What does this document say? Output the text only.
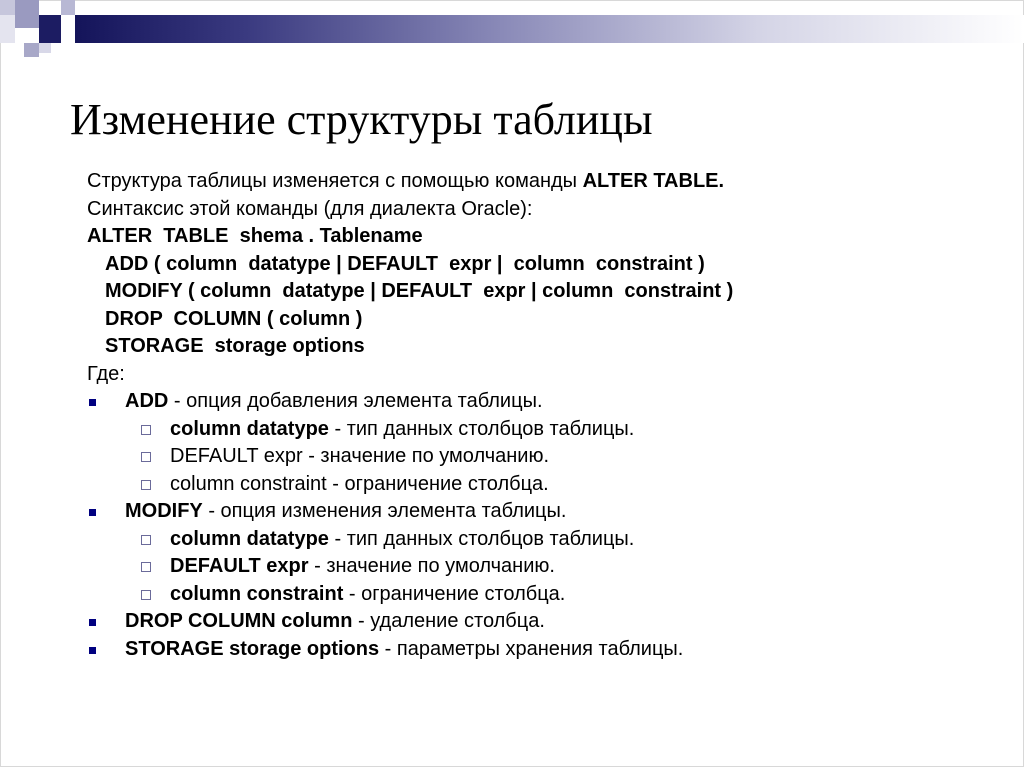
Изменение структуры таблицы
Структура таблицы изменяется с помощью команды ALTER TABLE.
Синтаксис этой команды (для диалекта Oracle):
ALTER  TABLE  shema . Tablename
ADD ( column  datatype | DEFAULT  expr |  column  constraint )
MODIFY ( column  datatype | DEFAULT  expr | column  constraint )
DROP  COLUMN ( column )
STORAGE  storage options
Где:
ADD - опция добавления элемента таблицы.
column datatype - тип данных столбцов таблицы.
DEFAULT expr - значение по умолчанию.
column constraint - ограничение столбца.
MODIFY - опция изменения элемента таблицы.
column datatype - тип данных столбцов таблицы.
DEFAULT expr - значение по умолчанию.
column constraint - ограничение столбца.
DROP COLUMN column - удаление столбца.
STORAGE storage options - параметры хранения таблицы.
